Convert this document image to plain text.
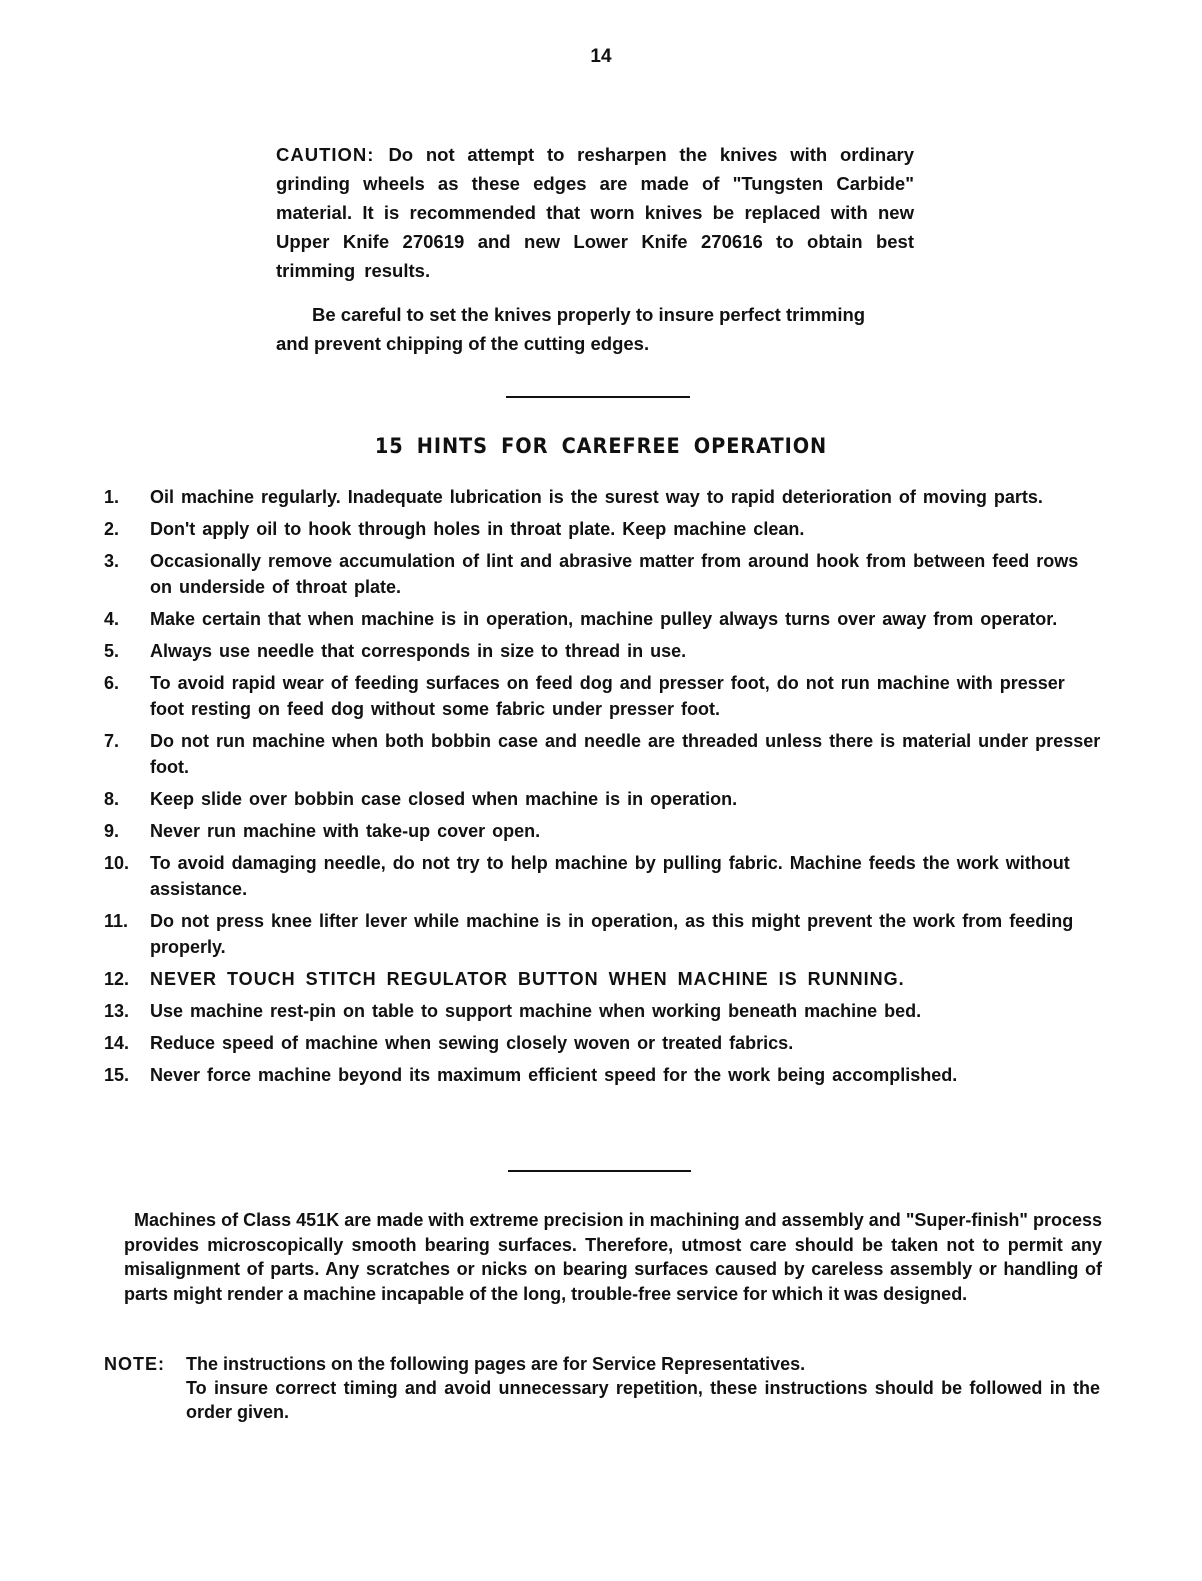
14
CAUTION: Do not attempt to resharpen the knives with ordinary grinding wheels as these edges are made of "Tungsten Carbide" material. It is recommended that worn knives be replaced with new Upper Knife 270619 and new Lower Knife 270616 to obtain best trimming results.
Be careful to set the knives properly to insure perfect trimming
and prevent chipping of the cutting edges.
15 HINTS FOR CAREFREE OPERATION
1.	Oil machine regularly. Inadequate lubrication is the surest way to rapid deterioration of moving parts.
2.	Don't apply oil to hook through holes in throat plate. Keep machine clean.
3.	Occasionally remove accumulation of lint and abrasive matter from around hook from between feed rows on underside of throat plate.
4.	Make certain that when machine is in operation, machine pulley always turns over away from operator.
5.	Always use needle that corresponds in size to thread in use.
6.	To avoid rapid wear of feeding surfaces on feed dog and presser foot, do not run machine with presser foot resting on feed dog without some fabric under presser foot.
7.	Do not run machine when both bobbin case and needle are threaded unless there is material under presser foot.
8.	Keep slide over bobbin case closed when machine is in operation.
9.	Never run machine with take-up cover open.
10.	To avoid damaging needle, do not try to help machine by pulling fabric. Machine feeds the work without assistance.
11.	Do not press knee lifter lever while machine is in operation, as this might prevent the work from feeding properly.
12.	NEVER TOUCH STITCH REGULATOR BUTTON WHEN MACHINE IS RUNNING.
13.	Use machine rest-pin on table to support machine when working beneath machine bed.
14.	Reduce speed of machine when sewing closely woven or treated fabrics.
15.	Never force machine beyond its maximum efficient speed for the work being accomplished.
Machines of Class 451K are made with extreme precision in machining and assembly and "Super-finish" process provides microscopically smooth bearing surfaces. Therefore, utmost care should be taken not to permit any misalignment of parts. Any scratches or nicks on bearing surfaces caused by careless assembly or handling of parts might render a machine incapable of the long, trouble-free service for which it was designed.
NOTE: The instructions on the following pages are for Service Representatives.
To insure correct timing and avoid unnecessary repetition, these instructions should be followed in the order given.
